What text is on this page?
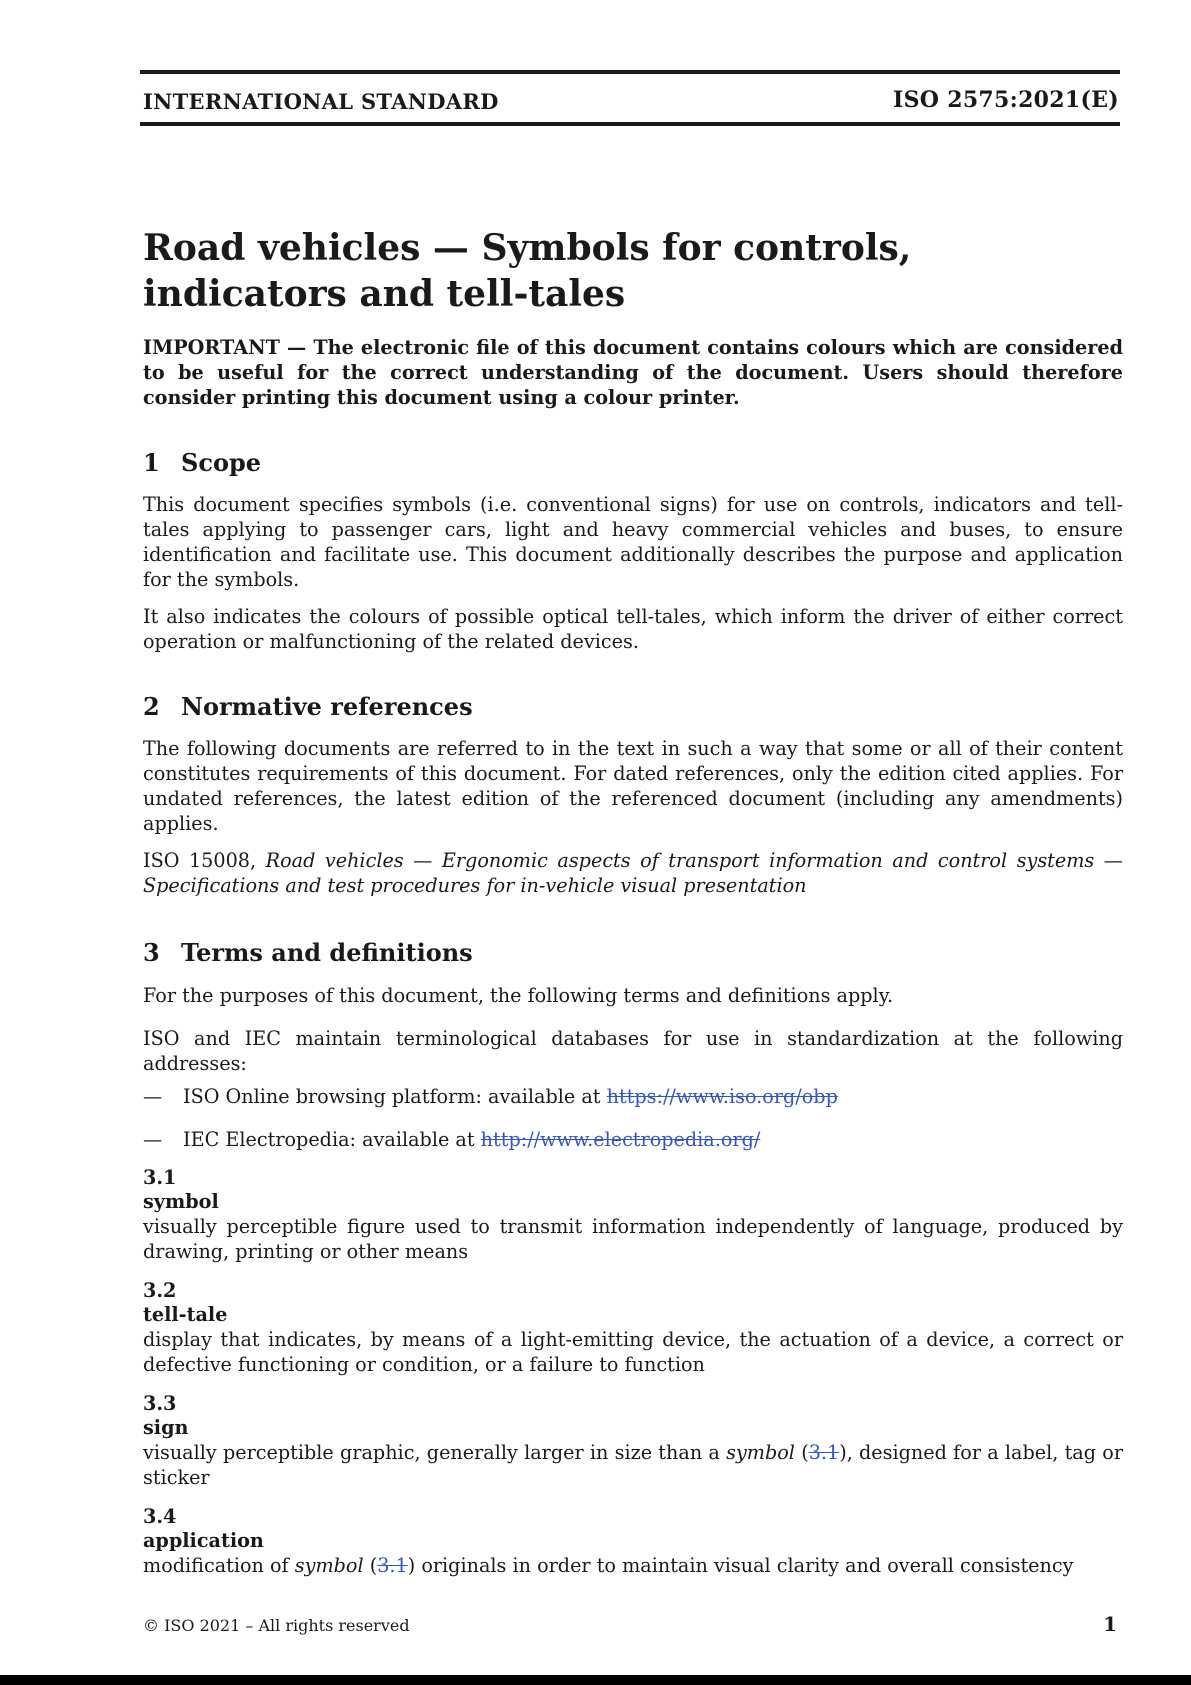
INTERNATIONAL STANDARD	ISO 2575:2021(E)
Road vehicles — Symbols for controls, indicators and tell-tales
IMPORTANT — The electronic file of this document contains colours which are considered to be useful for the correct understanding of the document. Users should therefore consider printing this document using a colour printer.
1 Scope

This document specifies symbols (i.e. conventional signs) for use on controls, indicators and tell-tales applying to passenger cars, light and heavy commercial vehicles and buses, to ensure identification and facilitate use. This document additionally describes the purpose and application for the symbols.

It also indicates the colours of possible optical tell-tales, which inform the driver of either correct operation or malfunctioning of the related devices.

2 Normative references

The following documents are referred to in the text in such a way that some or all of their content constitutes requirements of this document. For dated references, only the edition cited applies. For undated references, the latest edition of the referenced document (including any amendments) applies.

ISO 15008, Road vehicles — Ergonomic aspects of transport information and control systems — Specifications and test procedures for in-vehicle visual presentation

3 Terms and definitions

For the purposes of this document, the following terms and definitions apply.

ISO and IEC maintain terminological databases for use in standardization at the following addresses:

— ISO Online browsing platform: available at https://www.iso.org/obp
— IEC Electropedia: available at http://www.electropedia.org/
3.1
symbol

visually perceptible figure used to transmit information independently of language, produced by drawing, printing or other means

3.2
tell-tale

display that indicates, by means of a light-emitting device, the actuation of a device, a correct or defective functioning or condition, or a failure to function

3.3
sign

visually perceptible graphic, generally larger in size than a symbol (3.1), designed for a label, tag or sticker

3.4
application

modification of symbol (3.1) originals in order to maintain visual clarity and overall consistency

© ISO 2021 – All rights reserved	1
